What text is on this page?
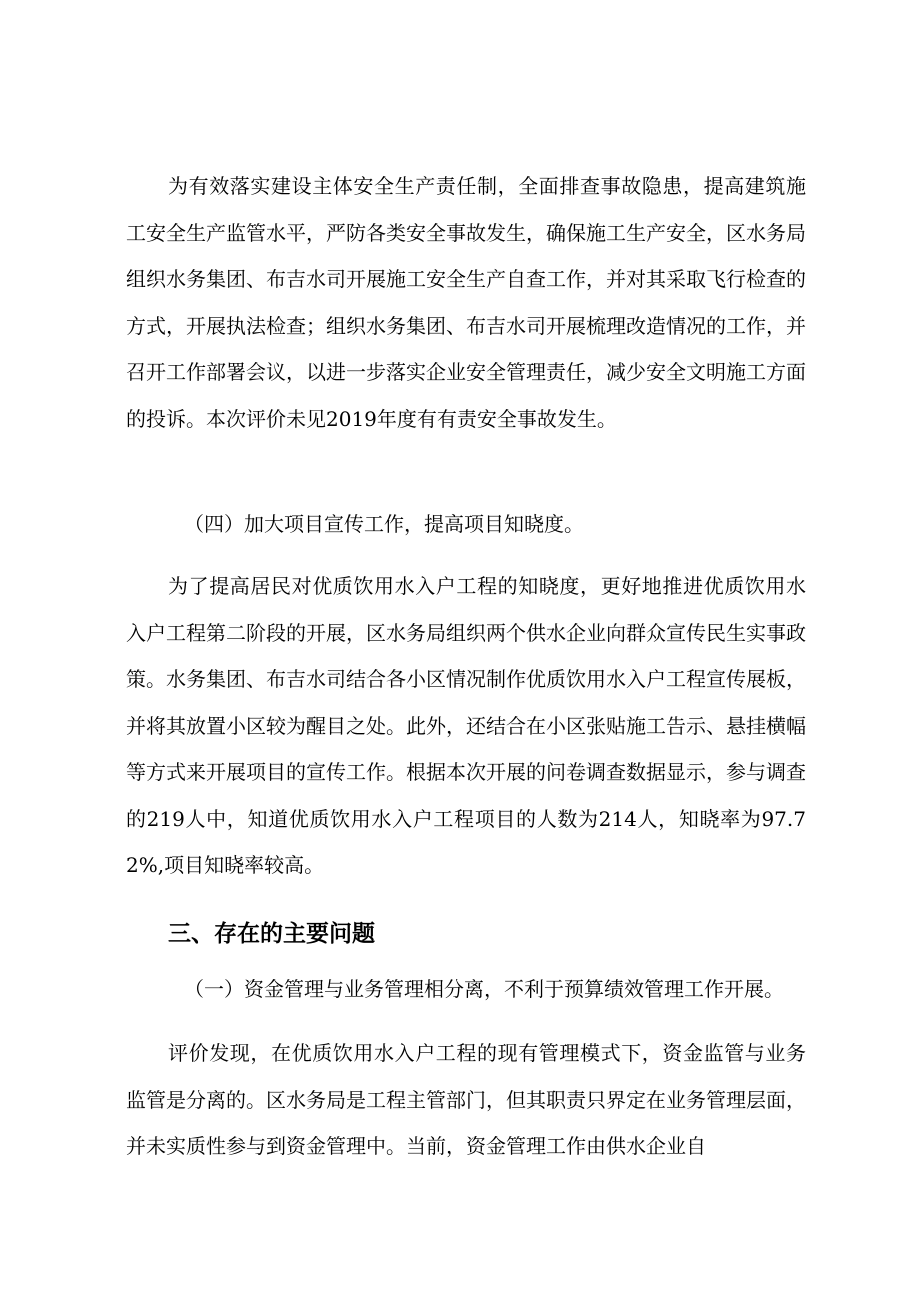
为有效落实建设主体安全生产责任制，全面排查事故隐患，提高建筑施工安全生产监管水平，严防各类安全事故发生，确保施工生产安全，区水务局组织水务集团、布吉水司开展施工安全生产自查工作，并对其采取飞行检查的方式，开展执法检查；组织水务集团、布吉水司开展梳理改造情况的工作，并召开工作部署会议，以进一步落实企业安全管理责任，减少安全文明施工方面的投诉。本次评价未见2019年度有有责安全事故发生。

（四）加大项目宣传工作，提高项目知晓度。

为了提高居民对优质饮用水入户工程的知晓度，更好地推进优质饮用水入户工程第二阶段的开展，区水务局组织两个供水企业向群众宣传民生实事政策。水务集团、布吉水司结合各小区情况制作优质饮用水入户工程宣传展板，并将其放置小区较为醒目之处。此外，还结合在小区张贴施工告示、悬挂横幅等方式来开展项目的宣传工作。根据本次开展的问卷调查数据显示，参与调查的219人中，知道优质饮用水入户工程项目的人数为214人，知晓率为97.72%,项目知晓率较高。

三、存在的主要问题

（一）资金管理与业务管理相分离，不利于预算绩效管理工作开展。

评价发现，在优质饮用水入户工程的现有管理模式下，资金监管与业务监管是分离的。区水务局是工程主管部门，但其职责只界定在业务管理层面，并未实质性参与到资金管理中。当前，资金管理工作由供水企业自
